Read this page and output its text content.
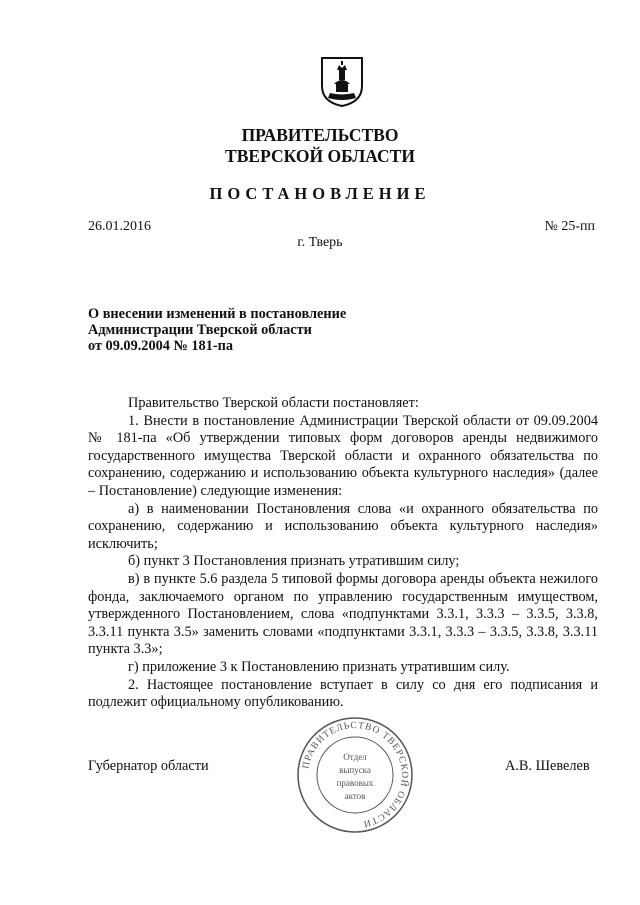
ПРАВИТЕЛЬСТВО
ТВЕРСКОЙ ОБЛАСТИ
ПОСТАНОВЛЕНИЕ
26.01.2016	№ 25-пп
г. Тверь
О внесении изменений в постановление
Администрации Тверской области
от 09.09.2004 № 181-па

Правительство Тверской области постановляет:

1. Внести в постановление Администрации Тверской области от 09.09.2004 № 181-па «Об утверждении типовых форм договоров аренды недвижимого государственного имущества Тверской области и охранного обязательства по сохранению, содержанию и использованию объекта культурного наследия» (далее – Постановление) следующие изменения:

а) в наименовании Постановления слова «и охранного обязательства по сохранению, содержанию и использованию объекта культурного наследия» исключить;

б) пункт 3 Постановления признать утратившим силу;

в) в пункте 5.6 раздела 5 типовой формы договора аренды объекта нежилого фонда, заключаемого органом по управлению государственным имуществом, утвержденного Постановлением, слова «подпунктами 3.3.1, 3.3.3 – 3.3.5, 3.3.8, 3.3.11 пункта 3.5» заменить словами «подпунктами 3.3.1, 3.3.3 – 3.3.5, 3.3.8, 3.3.11 пункта 3.3»;

г) приложение 3 к Постановлению признать утратившим силу.

2. Настоящее постановление вступает в силу со дня его подписания и подлежит официальному опубликованию.

Губернатор области	А.В. Шевелев
ПРАВИТЕЛЬСТВО ТВЕРСКОЙ ОБЛАСТИ
Отдел
выпуска
правовых
актов
